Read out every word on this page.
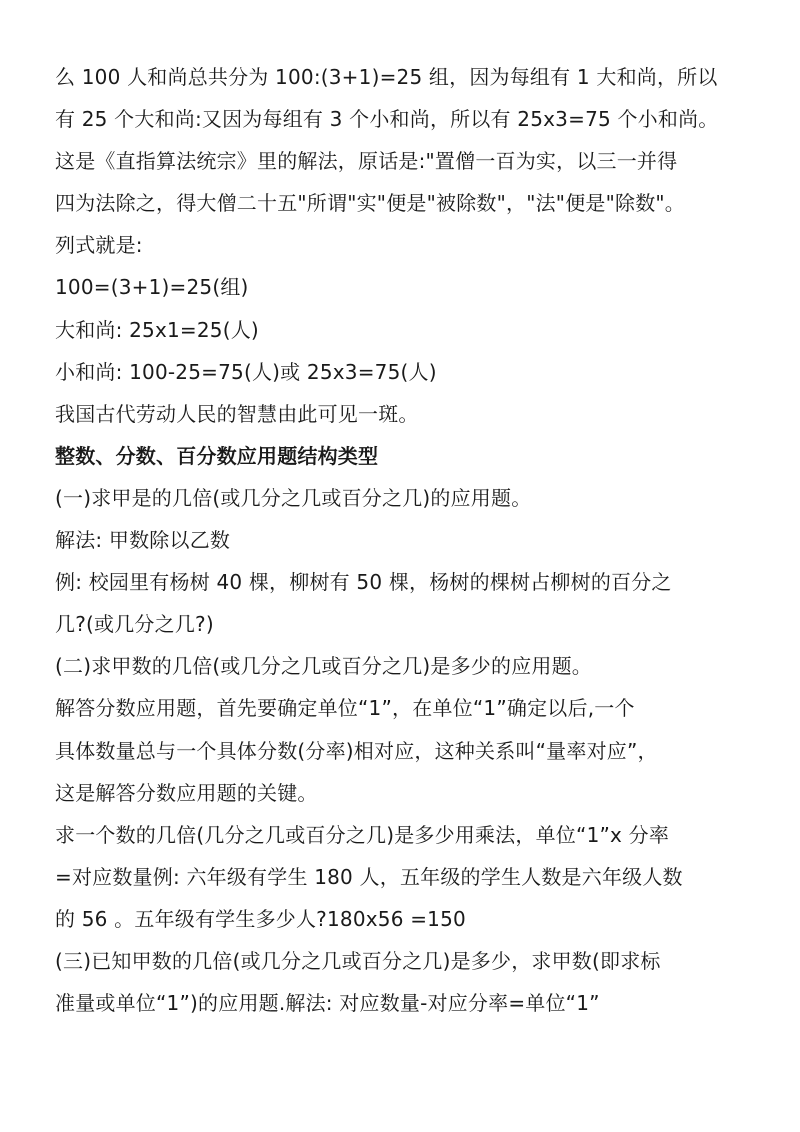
么 100 人和尚总共分为 100:(3+1)=25 组，因为每组有 1 大和尚，所以
有 25 个大和尚:又因为每组有 3 个小和尚，所以有 25x3=75 个小和尚。
这是《直指算法统宗》里的解法，原话是:"置僧一百为实，以三一并得
四为法除之，得大僧二十五"所谓"实"便是"被除数"，"法"便是"除数"。
列式就是:
100=(3+1)=25(组)
大和尚: 25x1=25(人)
小和尚: 100-25=75(人)或 25x3=75(人)
我国古代劳动人民的智慧由此可见一斑。
整数、分数、百分数应用题结构类型
(一)求甲是的几倍(或几分之几或百分之几)的应用题。
解法: 甲数除以乙数
例: 校园里有杨树 40 棵，柳树有 50 棵，杨树的棵树占柳树的百分之
几?(或几分之几?)
(二)求甲数的几倍(或几分之几或百分之几)是多少的应用题。
解答分数应用题，首先要确定单位“1”，在单位“1”确定以后,一个
具体数量总与一个具体分数(分率)相对应，这种关系叫“量率对应”，
这是解答分数应用题的关键。
求一个数的几倍(几分之几或百分之几)是多少用乘法，单位“1”x 分率
=对应数量例: 六年级有学生 180 人，五年级的学生人数是六年级人数
的 56 。五年级有学生多少人?180x56 =150
(三)已知甲数的几倍(或几分之几或百分之几)是多少，求甲数(即求标
准量或单位“1”)的应用题.解法: 对应数量-对应分率=单位“1”
